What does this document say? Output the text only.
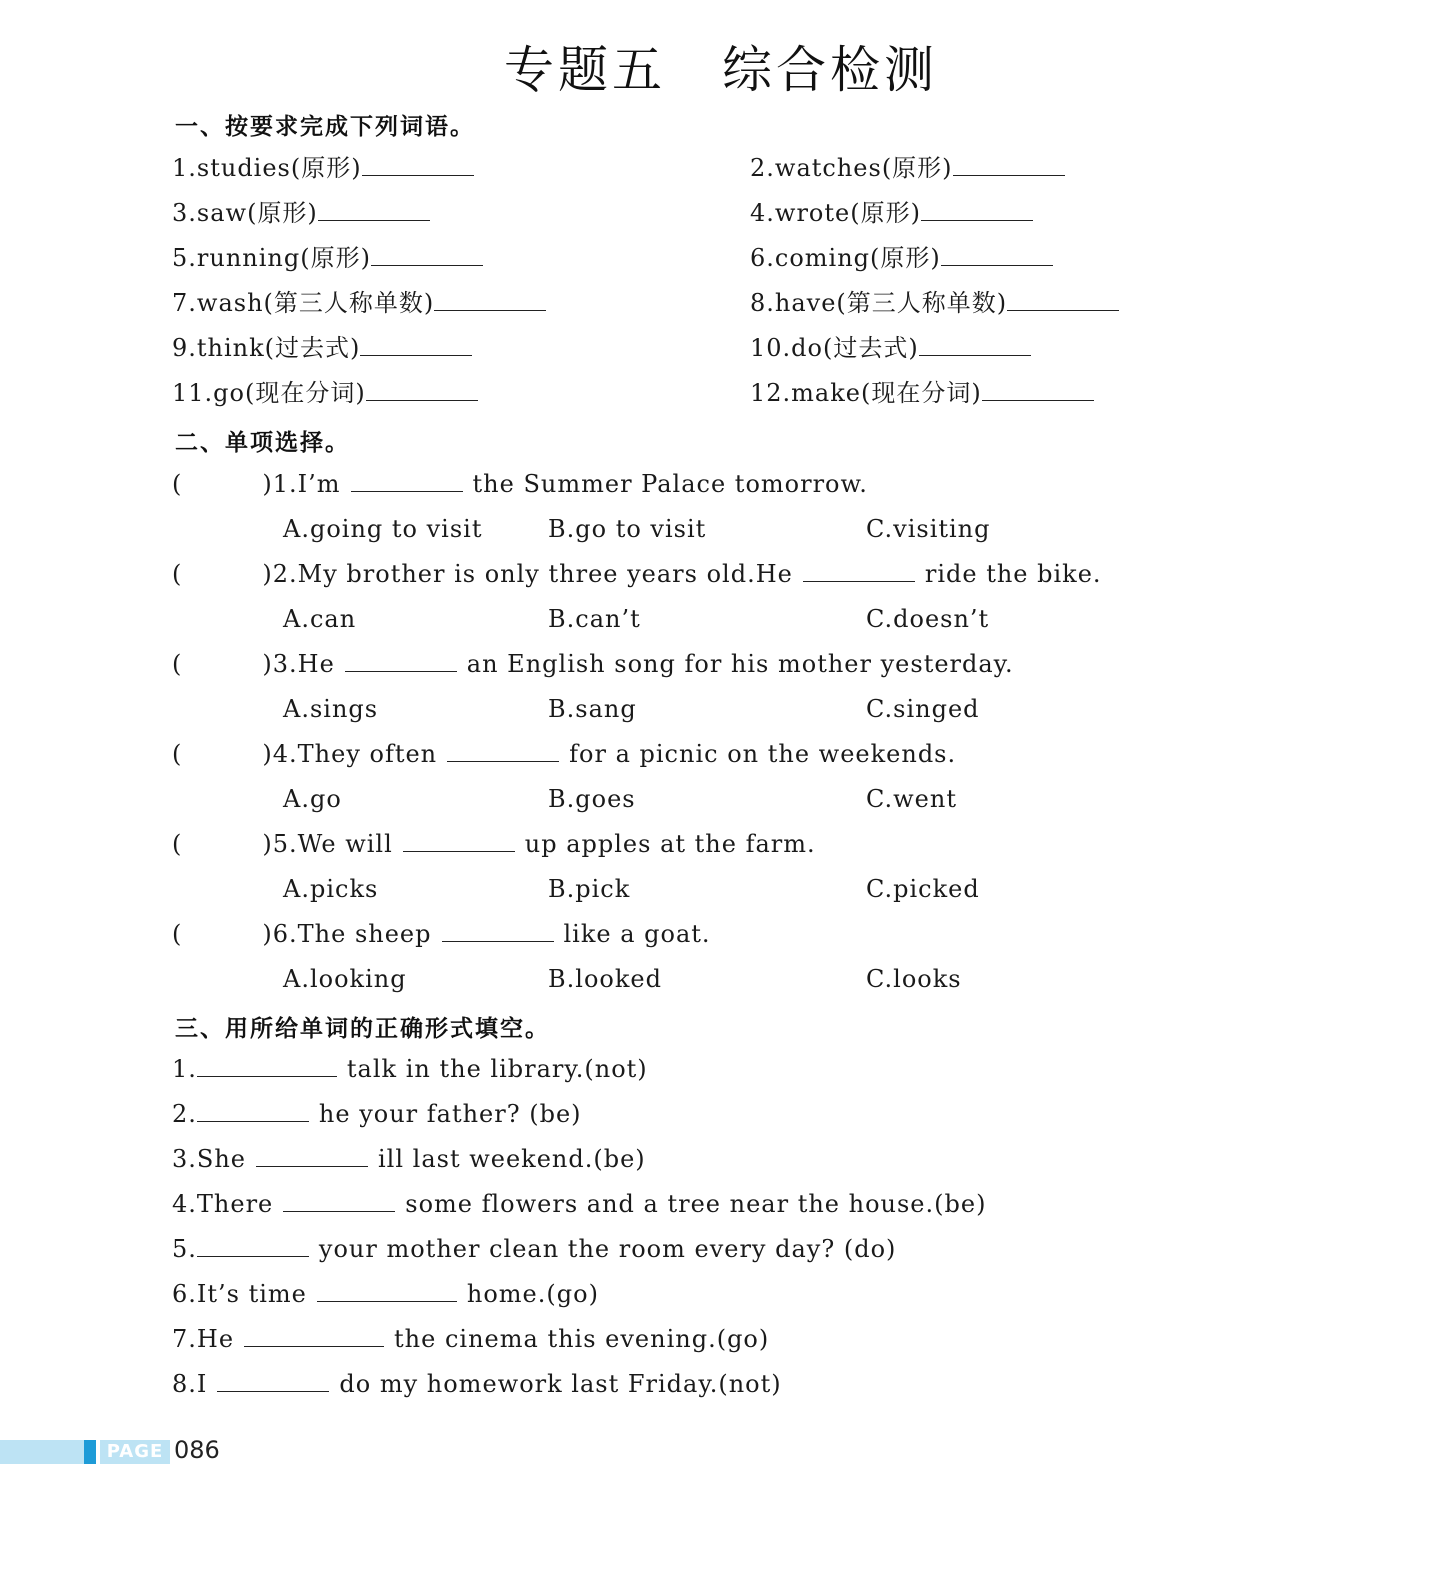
专题五 综合检测
一、按要求完成下列词语。
1.studies(原形)	2.watches(原形)
3.saw(原形)	4.wrote(原形)
5.running(原形)	6.coming(原形)
7.wash(第三人称单数)	8.have(第三人称单数)
9.think(过去式)	10.do(过去式)
11.go(现在分词)	12.make(现在分词)
二、单项选择。
(	)1.I’m	the Summer Palace tomorrow.
A.going to visit	B.go to visit	C.visiting
(	)2.My brother is only three years old.He	ride the bike.
A.can	B.can’t	C.doesn’t
(	)3.He	an English song for his mother yesterday.
A.sings	B.sang	C.singed
(	)4.They often	for a picnic on the weekends.
A.go	B.goes	C.went
(	)5.We will	up apples at the farm.
A.picks	B.pick	C.picked
(	)6.The sheep	like a goat.
A.looking	B.looked	C.looks
三、用所给单词的正确形式填空。
1.	talk in the library.(not)
2.	he your father? (be)
3.She	ill last weekend.(be)
4.There	some flowers and a tree near the house.(be)
5.	your mother clean the room every day? (do)
6.It’s time	home.(go)
7.He	the cinema this evening.(go)
8.I	do my homework last Friday.(not)
PAGE 086
